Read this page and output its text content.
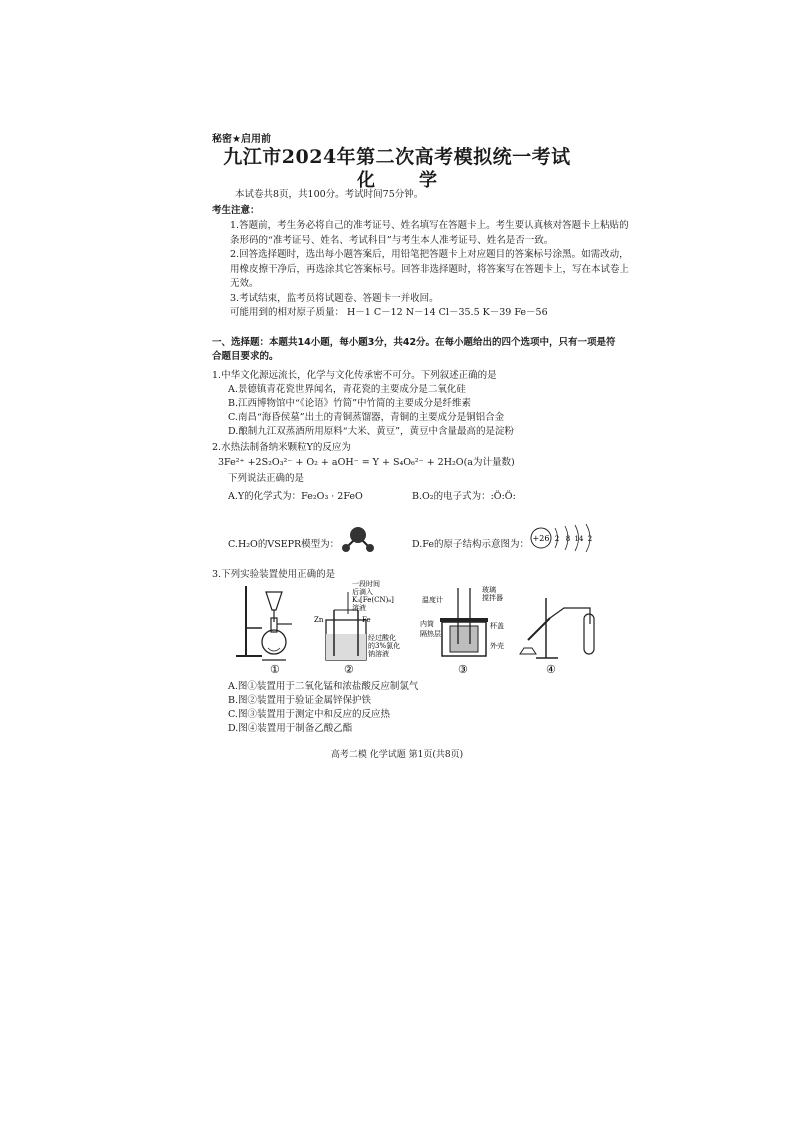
秘密★启用前
九江市2024年第二次高考模拟统一考试
化 学
本试卷共8页，共100分。考试时间75分钟。
考生注意：
1.答题前，考生务必将自己的准考证号、姓名填写在答题卡上。考生要认真核对答题卡上粘贴的条形码的“准考证号、姓名、考试科目”与考生本人准考证号、姓名是否一致。
2.回答选择题时，选出每小题答案后，用铅笔把答题卡上对应题目的答案标号涂黑。如需改动，用橡皮擦干净后，再选涂其它答案标号。回答非选择题时，将答案写在答题卡上，写在本试卷上无效。
3.考试结束，监考员将试题卷、答题卡一并收回。
可能用到的相对原子质量： H－1 C－12 N－14 Cl－35.5 K－39 Fe－56
一、选择题：本题共14小题，每小题3分，共42分。在每小题给出的四个选项中，只有一项是符合题目要求的。
1.中华文化源远流长，化学与文化传承密不可分。下列叙述正确的是
A.景德镇青花瓷世界闻名，青花瓷的主要成分是二氧化硅
B.江西博物馆中“《论语》竹简”中竹简的主要成分是纤维素
C.南昌“海昏侯墓”出土的青铜蒸馏器，青铜的主要成分是铜铝合金
D.酿制九江双蒸酒所用原料“大米、黄豆”，黄豆中含量最高的是淀粉
2.水热法制备纳米颗粒Y的反应为
3Fe²⁺ +2S₂O₃²⁻ + O₂ + aOH⁻ = Y + S₄O₆²⁻ + 2H₂O(a为计量数)
下列说法正确的是
A.Y的化学式为：Fe₂O₃ · 2FeO	B.O₂的电子式为：:Ö:Ö:
C.H₂O的VSEPR模型为：	D.Fe的原子结构示意图为：
+26 2 8 14 2
3.下列实验装置使用正确的是
①
Zn	Fe
一段时间
后滴入
K₃[Fe(CN)₆]
溶液
经过酸化
的3%氯化
钠溶液
②
温度计
玻璃
搅拌器
内筒
隔热层
杯盖
外壳
③	④
A.图①装置用于二氧化锰和浓盐酸反应制氯气
B.图②装置用于验证金属锌保护铁
C.图③装置用于测定中和反应的反应热
D.图④装置用于制备乙酸乙酯
高考二模 化学试题 第1页(共8页)
